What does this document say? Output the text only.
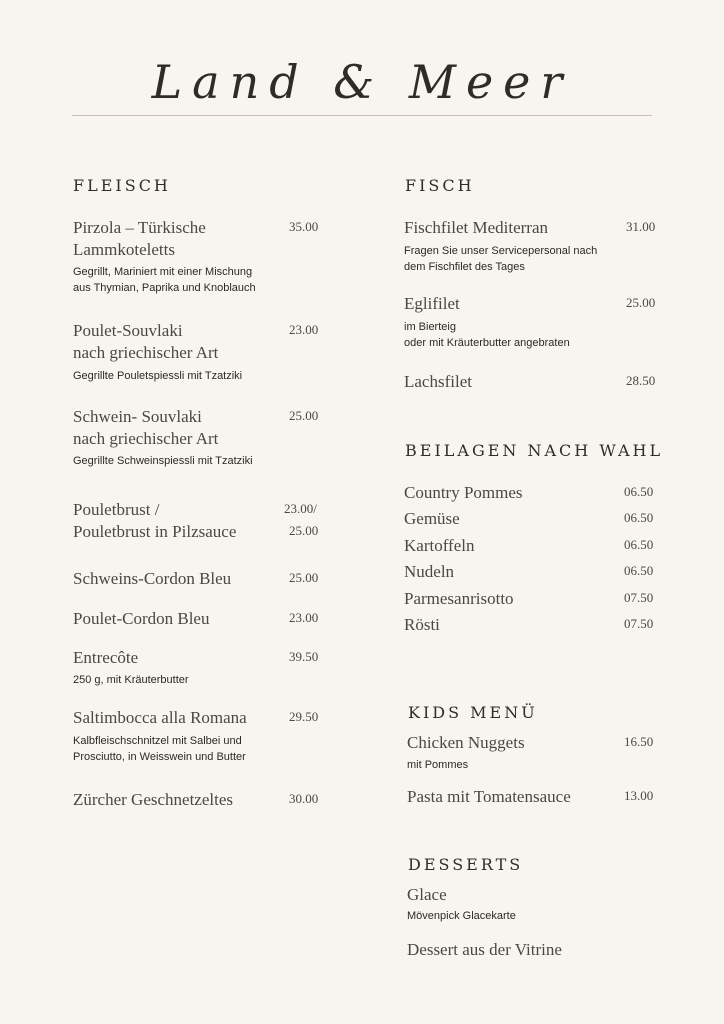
Land & Meer
FLEISCH
Pirzola – Türkische
Lammkoteletts
35.00
Gegrillt, Mariniert mit einer Mischung
aus Thymian, Paprika und Knoblauch
Poulet-Souvlaki
nach griechischer Art
23.00
Gegrillte Pouletspiessli mit Tzatziki
Schwein- Souvlaki
nach griechischer Art
25.00
Gegrillte Schweinspiessli mit Tzatziki
Pouletbrust /
Pouletbrust in Pilzsauce
23.00/
25.00
Schweins-Cordon Bleu	25.00
Poulet-Cordon Bleu	23.00
Entrecôte	39.50
250 g, mit Kräuterbutter
Saltimbocca alla Romana	29.50
Kalbfleischschnitzel mit Salbei und
Prosciutto, in Weisswein und Butter
Zürcher Geschnetzeltes	30.00
FISCH
Fischfilet Mediterran	31.00
Fragen Sie unser Servicepersonal nach
dem Fischfilet des Tages
Eglifilet	25.00
im Bierteig
oder mit Kräuterbutter angebraten
Lachsfilet	28.50
BEILAGEN NACH WAHL
Country Pommes	06.50
Gemüse	06.50
Kartoffeln	06.50
Nudeln	06.50
Parmesanrisotto	07.50
Rösti	07.50
KIDS MENÜ
Chicken Nuggets	16.50
mit Pommes
Pasta mit Tomatensauce	13.00
DESSERTS
Glace
Mövenpick Glacekarte
Dessert aus der Vitrine
